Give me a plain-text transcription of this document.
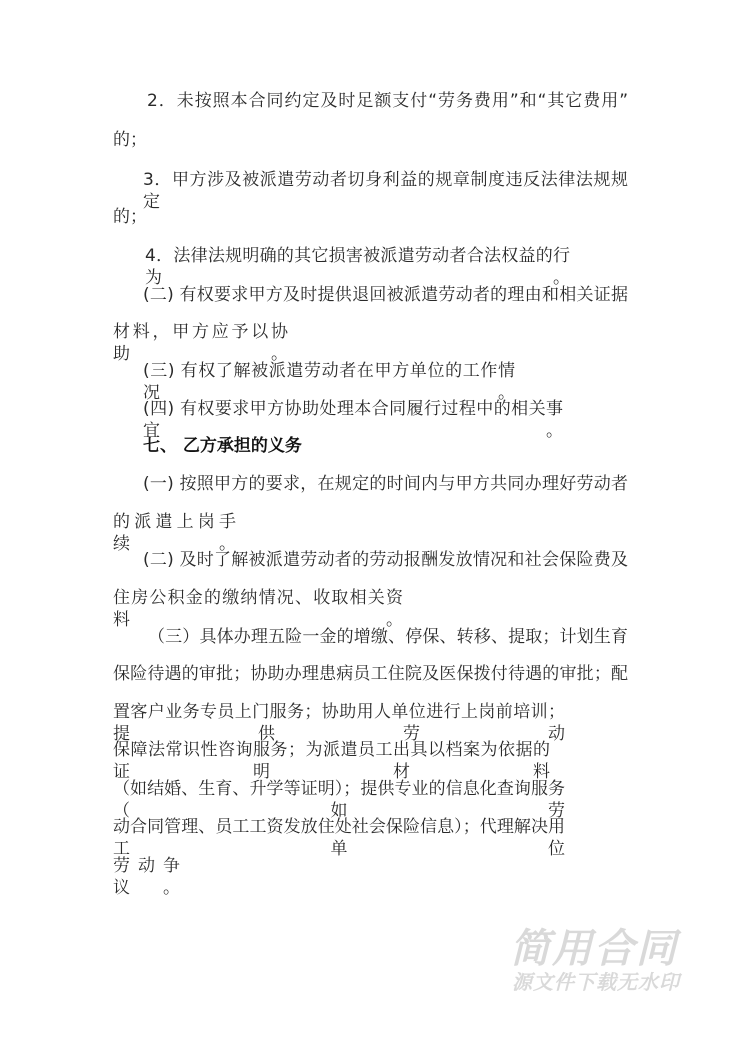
2．未按照本合同约定及时足额支付“劳务费用”和“其它费用”
的；
3．甲方涉及被派遣劳动者切身利益的规章制度违反法律法规规定
的；
4．法律法规明确的其它损害被派遣劳动者合法权益的行为。
(二) 有权要求甲方及时提供退回被派遣劳动者的理由和相关证据
材料，甲方应予以协助。
(三) 有权了解被派遣劳动者在甲方单位的工作情况。
(四) 有权要求甲方协助处理本合同履行过程中的相关事宜。
七、 乙方承担的义务
(一) 按照甲方的要求，在规定的时间内与甲方共同办理好劳动者
的派遣上岗手续。
(二) 及时了解被派遣劳动者的劳动报酬发放情况和社会保险费及
住房公积金的缴纳情况、收取相关资料。
（三）具体办理五险一金的增缴、停保、转移、提取；计划生育
保险待遇的审批；协助办理患病员工住院及医保拨付待遇的审批；配
置客户业务专员上门服务；协助用人单位进行上岗前培训；提供劳动
保障法常识性咨询服务；为派遣员工出具以档案为依据的证明材料
（如结婚、生育、升学等证明）；提供专业的信息化查询服务（如劳
动合同管理、员工工资发放住处社会保险信息）；代理解决用工单位
劳动争议。
简用合同
源文件下载无水印
